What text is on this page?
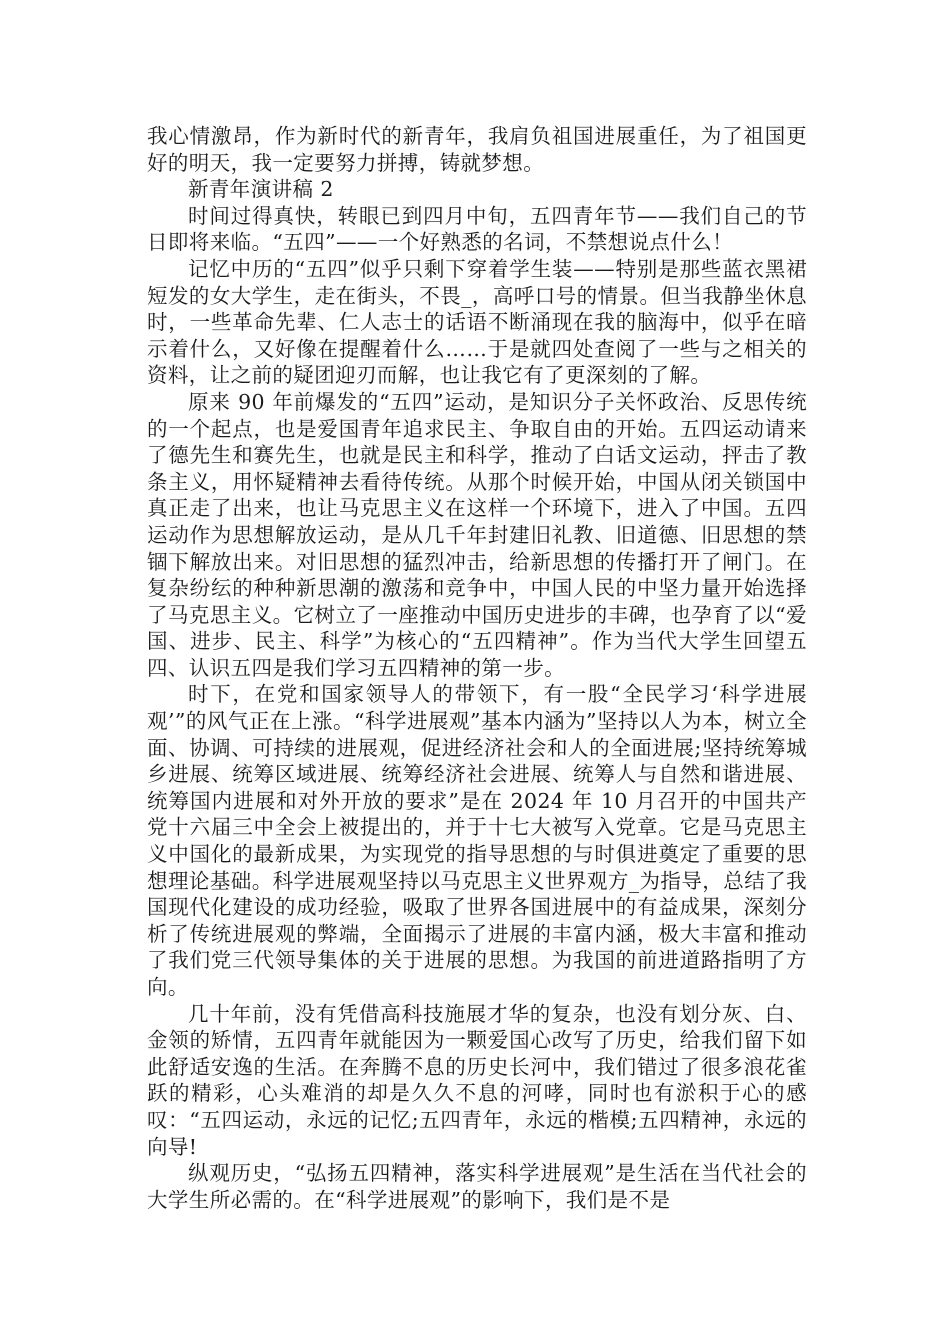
我心情激昂，作为新时代的新青年，我肩负祖国进展重任，为了祖国更好的明天，我一定要努力拼搏，铸就梦想。

新青年演讲稿 2

时间过得真快，转眼已到四月中旬，五四青年节——我们自己的节日即将来临。“五四”——一个好熟悉的名词，不禁想说点什么！

记忆中历的“五四”似乎只剩下穿着学生装——特别是那些蓝衣黑裙短发的女大学生，走在街头，不畏_，高呼口号的情景。但当我静坐休息时，一些革命先辈、仁人志士的话语不断涌现在我的脑海中，似乎在暗示着什么，又好像在提醒着什么……于是就四处查阅了一些与之相关的资料，让之前的疑团迎刃而解，也让我它有了更深刻的了解。

原来 90 年前爆发的“五四”运动，是知识分子关怀政治、反思传统的一个起点，也是爱国青年追求民主、争取自由的开始。五四运动请来了德先生和赛先生，也就是民主和科学，推动了白话文运动，抨击了教条主义，用怀疑精神去看待传统。从那个时候开始，中国从闭关锁国中真正走了出来，也让马克思主义在这样一个环境下，进入了中国。五四运动作为思想解放运动，是从几千年封建旧礼教、旧道德、旧思想的禁锢下解放出来。对旧思想的猛烈冲击，给新思想的传播打开了闸门。在复杂纷纭的种种新思潮的激荡和竞争中，中国人民的中坚力量开始选择了马克思主义。它树立了一座推动中国历史进步的丰碑，也孕育了以“爱国、进步、民主、科学”为核心的“五四精神”。作为当代大学生回望五四、认识五四是我们学习五四精神的第一步。

时下，在党和国家领导人的带领下，有一股“全民学习‘科学进展观’”的风气正在上涨。“科学进展观”基本内涵为”坚持以人为本，树立全面、协调、可持续的进展观，促进经济社会和人的全面进展;坚持统筹城乡进展、统筹区域进展、统筹经济社会进展、统筹人与自然和谐进展、统筹国内进展和对外开放的要求”是在 2024 年 10 月召开的中国共产党十六届三中全会上被提出的，并于十七大被写入党章。它是马克思主义中国化的最新成果，为实现党的指导思想的与时俱进奠定了重要的思想理论基础。科学进展观坚持以马克思主义世界观方_为指导，总结了我国现代化建设的成功经验，吸取了世界各国进展中的有益成果，深刻分析了传统进展观的弊端，全面揭示了进展的丰富内涵，极大丰富和推动了我们党三代领导集体的关于进展的思想。为我国的前进道路指明了方向。

几十年前，没有凭借高科技施展才华的复杂，也没有划分灰、白、金领的矫情，五四青年就能因为一颗爱国心改写了历史，给我们留下如此舒适安逸的生活。在奔腾不息的历史长河中，我们错过了很多浪花雀跃的精彩，心头难消的却是久久不息的河哮，同时也有淤积于心的感叹：“五四运动，永远的记忆;五四青年，永远的楷模;五四精神，永远的向导!

纵观历史，“弘扬五四精神，落实科学进展观”是生活在当代社会的大学生所必需的。在“科学进展观”的影响下，我们是不是
